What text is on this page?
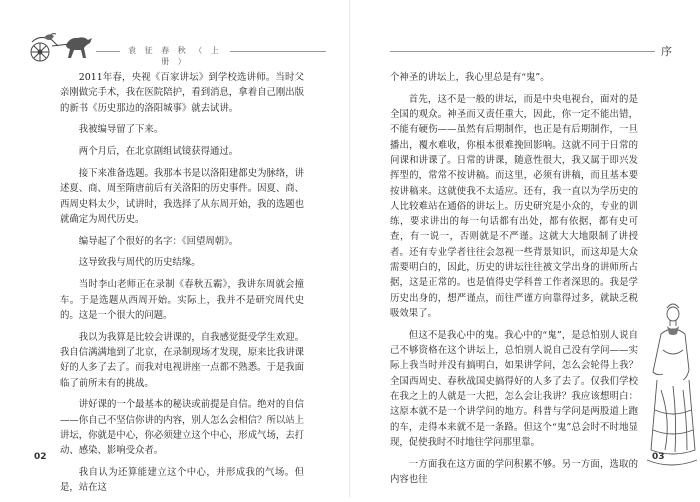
袁 征 春 秋 （ 上 册 ）

2011年春，央视《百家讲坛》到学校选讲师。当时父亲刚做完手术，我在医院陪护，看到消息，拿着自己刚出版的新书《历史那边的洛阳城事》就去试讲。

我被编导留了下来。

两个月后，在北京剧组试镜获得通过。

接下来准备选题。我那本书是以洛阳建都史为脉络，讲述夏、商、周至隋唐前后有关洛阳的历史事件。因夏、商、西周史料太少，试讲时，我选择了从东周开始，我的选题也就确定为周代历史。

编导起了个很好的名字：《回望周朝》。

这导致我与周代的历史结缘。

当时李山老师正在录制《春秋五霸》，我讲东周就会撞车。于是选题从西周开始。实际上，我并不是研究周代史的。这是一个很大的问题。

我以为我算是比较会讲课的，自我感觉挺受学生欢迎。我自信满满地到了北京，在录制现场才发现，原来比我讲课好的人多了去了。而我对电视讲座一点都不熟悉。于是我面临了前所未有的挑战。

讲好课的一个最基本的秘诀或前提是自信。绝对的自信——你自己不坚信你讲的内容，别人怎么会相信？所以站上讲坛，你就是中心，你必须建立这个中心，形成气场，去打动、感染、影响受众者。

我自认为还算能建立这个中心，并形成我的气场。但是，站在这

02
序

个神圣的讲坛上，我心里总是有“鬼”。

首先，这不是一般的讲坛，而是中央电视台，面对的是全国的观众。神圣而又责任重大，因此，你一定不能出错，不能有硬伤——虽然有后期制作，也正是有后期制作，一旦播出，覆水难收，你根本很难挽回影响。这就不同于日常的问课和讲课了。日常的讲课，随意性很大，我又属于即兴发挥型的，常常不按讲稿。而这里，必须有讲稿，而且基本要按讲稿来。这就使我不太适应。还有，我一直以为学历史的人比较难站在通俗的讲坛上。历史研究是小众的，专业的训练，要求讲出的每一句话都有出处，都有依据，都有史可查，有一说一，否则就是不严谨。这就大大地限制了讲授者。还有专业学者往往会忽视一些背景知识，而这却是大众需要明白的，因此，历史的讲坛往往被文学出身的讲师所占据，这是正常的。也是值得史学科普工作者深思的。我是学历史出身的，想严谨点，而往严谨方向靠得过多，就缺乏税吸效果了。

但这不是我心中的鬼。我心中的“鬼”，是总怕别人说自己不够资格在这个讲坛上，总怕别人说自己没有学问——实际上我当时并没有搞明白，如果讲学问，怎么会轮得上我？全国西周史、春秋战国史搞得好的人多了去了。仅我们学校在我之上的人就是一大把，怎么会让我讲？我应该想明白：这原本就不是一个讲学问的地方。科普与学问是两股道上跑的车，走得本来就不是一条路。但这个“鬼”总会时不时地显现，促使我时不时地往学问那里靠。

一方面我在这方面的学问积累不够。另一方面，选取的内容也往

03
